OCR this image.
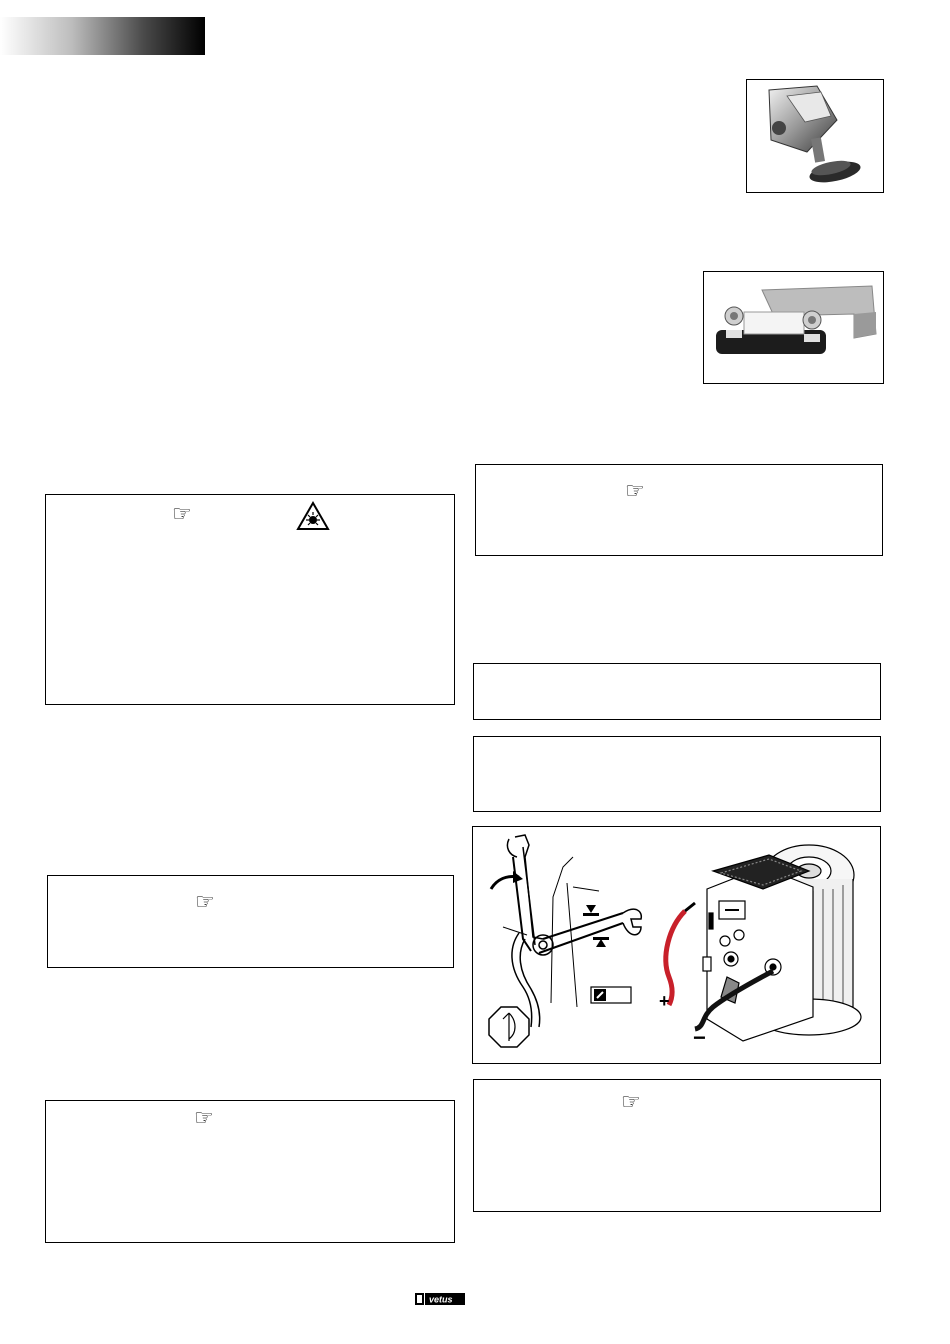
☞
☞
☞
☞
+
−
☞
vetus
